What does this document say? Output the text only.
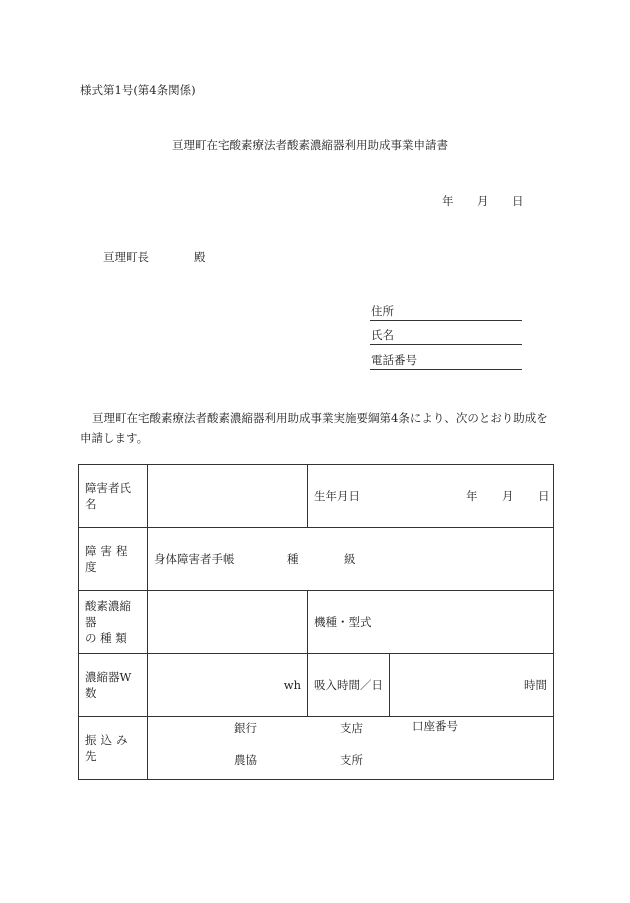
様式第1号(第4条関係)
亘理町在宅酸素療法者酸素濃縮器利用助成事業申請書
年 月 日
亘理町長	殿
住所
氏名
電話番号
亘理町在宅酸素療法者酸素濃縮器利用助成事業実施要綱第4条により、次のとおり助成を
申請します。
障害者氏名		生年月日 年 月 日	

障害程度	身体障害者手帳 種 級		

酸素濃縮器
の 種 類		機種・型式	
濃縮器W数	wh	吸入時間／日	時間
振込み先	銀行 支店 口座番号
農協 支所		
